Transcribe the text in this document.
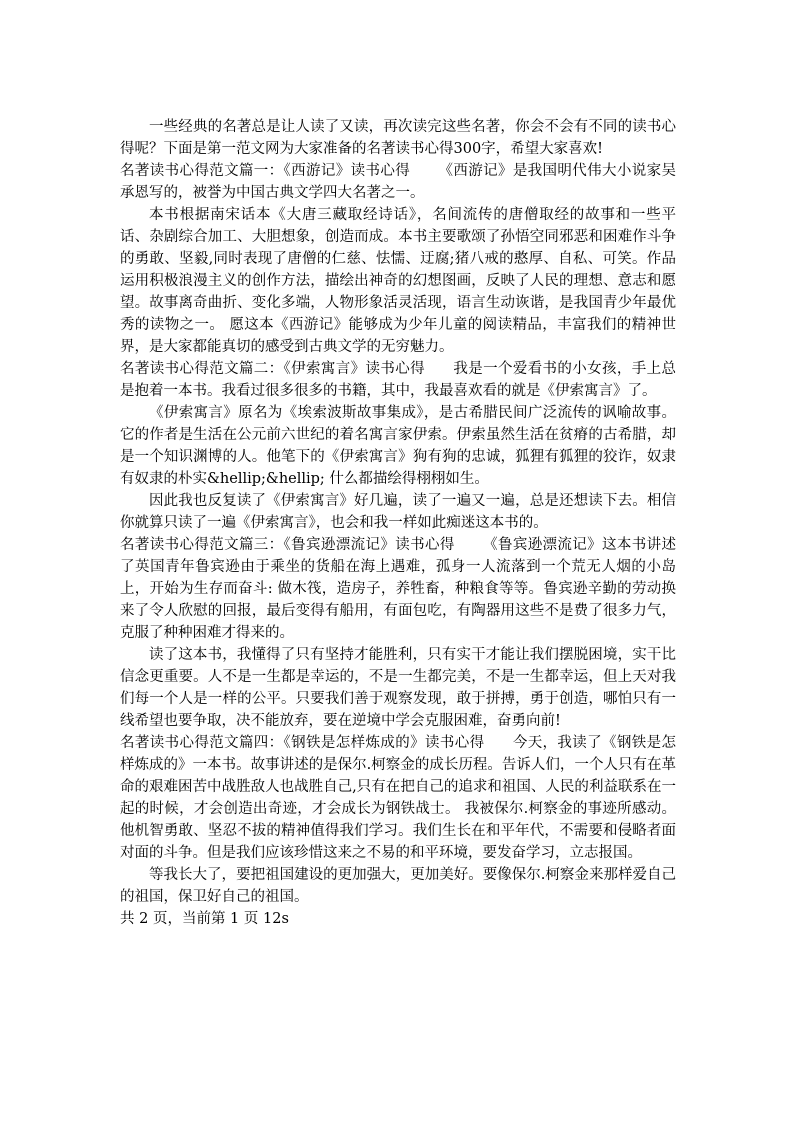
一些经典的名著总是让人读了又读，再次读完这些名著，你会不会有不同的读书心得呢？下面是第一范文网为大家准备的名著读书心得300字，希望大家喜欢!

名著读书心得范文篇一：《西游记》读书心得 《西游记》是我国明代伟大小说家吴承恩写的，被誉为中国古典文学四大名著之一。

本书根据南宋话本《大唐三藏取经诗话》，名间流传的唐僧取经的故事和一些平话、杂剧综合加工、大胆想象，创造而成。本书主要歌颂了孙悟空同邪恶和困难作斗争的勇敢、坚毅,同时表现了唐僧的仁慈、怯懦、迂腐;猪八戒的憨厚、自私、可笑。作品运用积极浪漫主义的创作方法，描绘出神奇的幻想图画，反映了人民的理想、意志和愿望。故事离奇曲折、变化多端，人物形象活灵活现，语言生动诙谐，是我国青少年最优秀的读物之一。 愿这本《西游记》能够成为少年儿童的阅读精品，丰富我们的精神世界，是大家都能真切的感受到古典文学的无穷魅力。

名著读书心得范文篇二：《伊索寓言》读书心得 我是一个爱看书的小女孩，手上总是抱着一本书。我看过很多很多的书籍，其中，我最喜欢看的就是《伊索寓言》了。

《伊索寓言》原名为《埃索波斯故事集成》，是古希腊民间广泛流传的讽喻故事。它的作者是生活在公元前六世纪的着名寓言家伊索。伊索虽然生活在贫瘠的古希腊，却是一个知识渊博的人。他笔下的《伊索寓言》狗有狗的忠诚，狐狸有狐狸的狡诈，奴隶有奴隶的朴实&hellip;&hellip; 什么都描绘得栩栩如生。

因此我也反复读了《伊索寓言》好几遍，读了一遍又一遍，总是还想读下去。相信你就算只读了一遍《伊索寓言》，也会和我一样如此痴迷这本书的。

名著读书心得范文篇三：《鲁宾逊漂流记》读书心得 《鲁宾逊漂流记》这本书讲述了英国青年鲁宾逊由于乘坐的货船在海上遇难，孤身一人流落到一个荒无人烟的小岛上，开始为生存而奋斗: 做木筏，造房子，养牲畜，种粮食等等。鲁宾逊辛勤的劳动换来了令人欣慰的回报，最后变得有船用，有面包吃，有陶器用这些不是费了很多力气，克服了种种困难才得来的。

读了这本书，我懂得了只有坚持才能胜利，只有实干才能让我们摆脱困境，实干比信念更重要。人不是一生都是幸运的，不是一生都完美，不是一生都幸运，但上天对我们每一个人是一样的公平。只要我们善于观察发现，敢于拼搏，勇于创造，哪怕只有一线希望也要争取，决不能放弃，要在逆境中学会克服困难，奋勇向前!

名著读书心得范文篇四：《钢铁是怎样炼成的》读书心得 今天，我读了《钢铁是怎样炼成的》一本书。故事讲述的是保尔.柯察金的成长历程。告诉人们，一个人只有在革命的艰难困苦中战胜敌人也战胜自己,只有在把自己的追求和祖国、人民的利益联系在一起的时候，才会创造出奇迹，才会成长为钢铁战士。 我被保尔.柯察金的事迹所感动。他机智勇敢、坚忍不拔的精神值得我们学习。我们生长在和平年代，不需要和侵略者面对面的斗争。但是我们应该珍惜这来之不易的和平环境，要发奋学习，立志报国。

等我长大了，要把祖国建设的更加强大，更加美好。要像保尔.柯察金来那样爱自己的祖国，保卫好自己的祖国。

共 2 页，当前第 1 页 12s
